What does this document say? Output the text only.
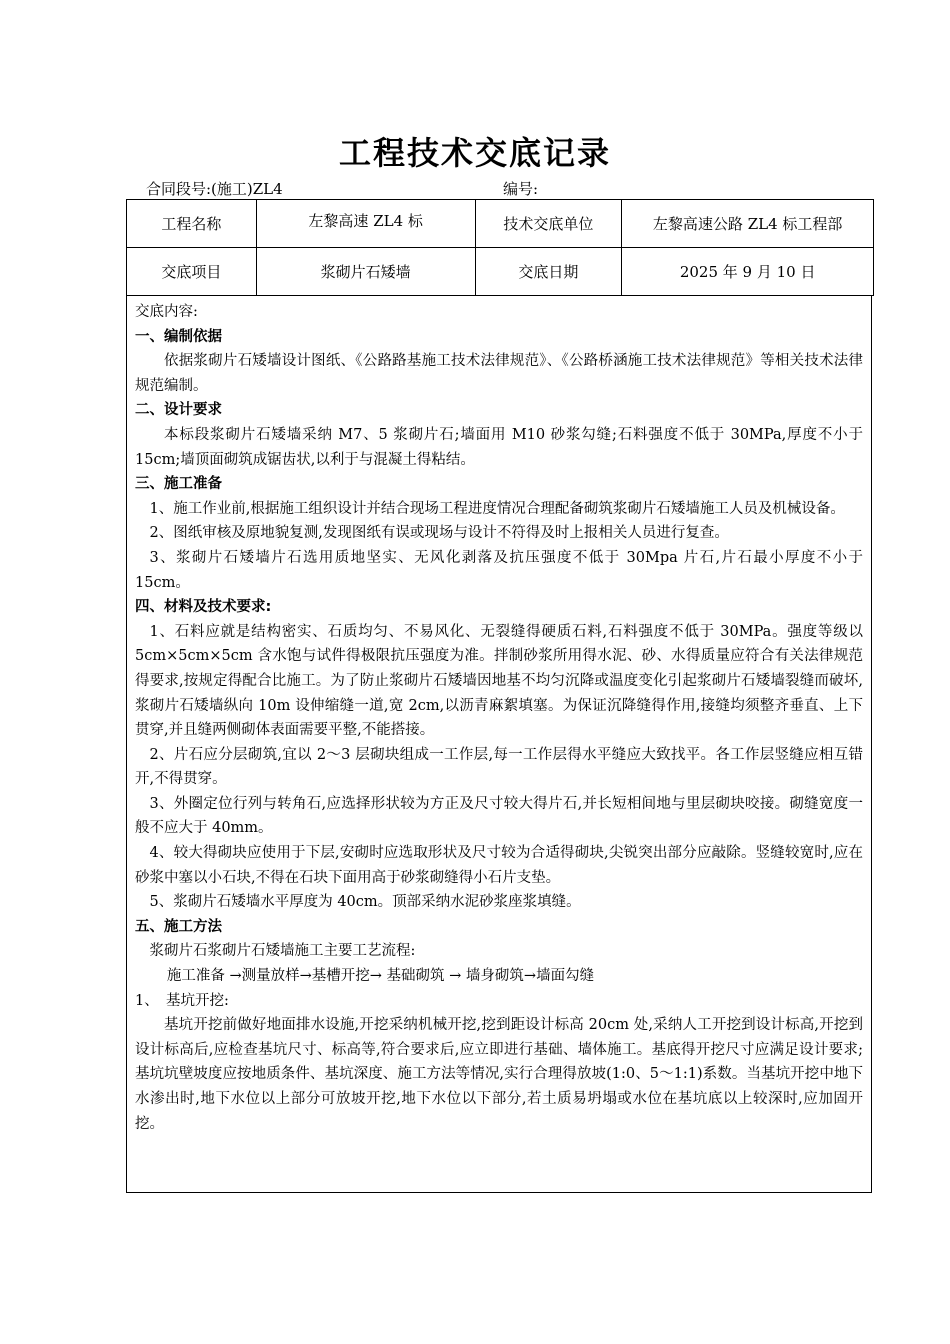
工程技术交底记录
合同段号:(施工)ZL4	编号:
工程名称	左黎高速 ZL4 标	技术交底单位	左黎高速公路 ZL4 标工程部
交底项目	浆砌片石矮墙	交底日期	2025 年 9 月 10 日

交底内容:

一、编制依据

依据浆砌片石矮墙设计图纸、《公路路基施工技术法律规范》、《公路桥涵施工技术法律规范》等相关技术法律规范编制。

二、设计要求

本标段浆砌片石矮墙采纳 M7、5 浆砌片石;墙面用 M10 砂浆勾缝;石料强度不低于 30MPa,厚度不小于 15cm;墙顶面砌筑成锯齿状,以利于与混凝土得粘结。

三、施工准备

1、施工作业前,根据施工组织设计并结合现场工程进度情况合理配备砌筑浆砌片石矮墙施工人员及机械设备。

2、图纸审核及原地貌复测,发现图纸有误或现场与设计不符得及时上报相关人员进行复查。

3、浆砌片石矮墙片石选用质地坚实、无风化剥落及抗压强度不低于 30Mpa 片石,片石最小厚度不小于 15cm。

四、材料及技术要求:

1、石料应就是结构密实、石质均匀、不易风化、无裂缝得硬质石料,石料强度不低于 30MPa。强度等级以 5cm×5cm×5cm 含水饱与试件得极限抗压强度为准。拌制砂浆所用得水泥、砂、水得质量应符合有关法律规范得要求,按规定得配合比施工。为了防止浆砌片石矮墙因地基不均匀沉降或温度变化引起浆砌片石矮墙裂缝而破坏,浆砌片石矮墙纵向 10m 设伸缩缝一道,宽 2cm,以沥青麻絮填塞。为保证沉降缝得作用,接缝均须整齐垂直、上下贯穿,并且缝两侧砌体表面需要平整,不能搭接。

2、片石应分层砌筑,宜以 2～3 层砌块组成一工作层,每一工作层得水平缝应大致找平。各工作层竖缝应相互错开,不得贯穿。

3、外圈定位行列与转角石,应选择形状较为方正及尺寸较大得片石,并长短相间地与里层砌块咬接。砌缝宽度一般不应大于 40mm。

4、较大得砌块应使用于下层,安砌时应选取形状及尺寸较为合适得砌块,尖锐突出部分应敲除。竖缝较宽时,应在砂浆中塞以小石块,不得在石块下面用高于砂浆砌缝得小石片支垫。

5、浆砌片石矮墙水平厚度为 40cm。顶部采纳水泥砂浆座浆填缝。

五、施工方法

浆砌片石浆砌片石矮墙施工主要工艺流程:

施工准备 →测量放样→基槽开挖→ 基础砌筑 → 墙身砌筑→墙面勾缝

1、　基坑开挖:

基坑开挖前做好地面排水设施,开挖采纳机械开挖,挖到距设计标高 20cm 处,采纳人工开挖到设计标高,开挖到设计标高后,应检查基坑尺寸、标高等,符合要求后,应立即进行基础、墙体施工。基底得开挖尺寸应满足设计要求;基坑坑壁坡度应按地质条件、基坑深度、施工方法等情况,实行合理得放坡(1:0、5～1:1)系数。当基坑开挖中地下水渗出时,地下水位以上部分可放坡开挖,地下水位以下部分,若土质易坍塌或水位在基坑底以上较深时,应加固开挖。
